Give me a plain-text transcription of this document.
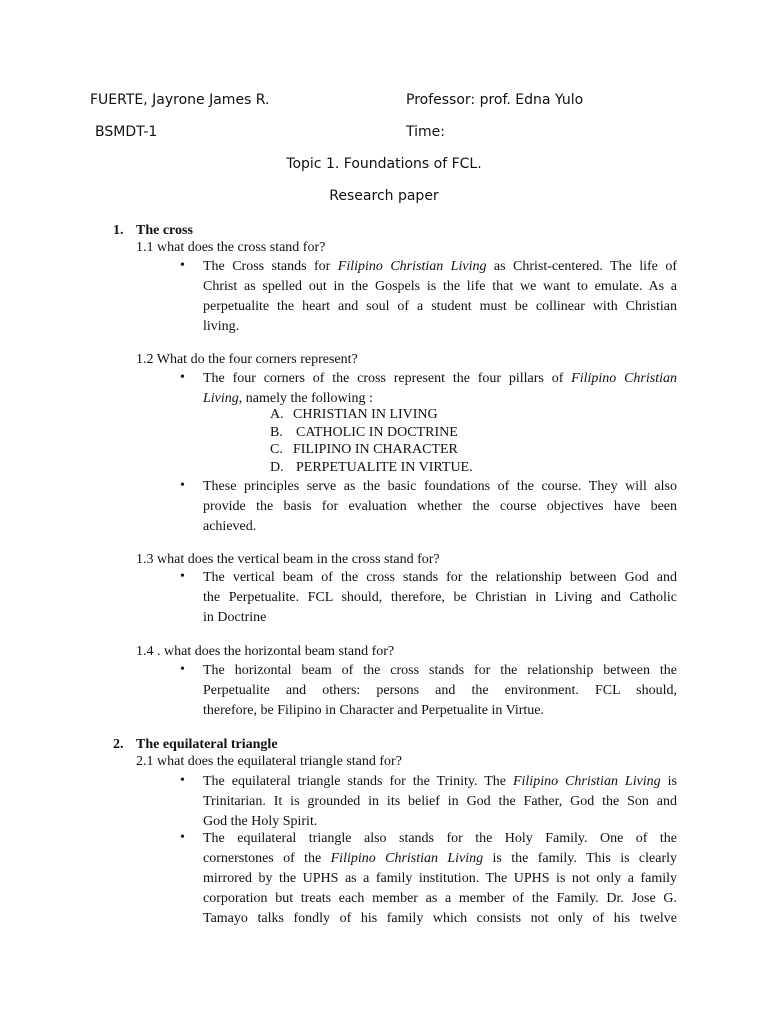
FUERTE, Jayrone James R.	Professor: prof. Edna Yulo
BSMDT-1	Time:
Topic 1. Foundations of FCL.
Research paper
1. The cross
1.1 what does the cross stand for?
• The Cross stands for Filipino Christian Living as Christ-centered. The life of
Christ as spelled out in the Gospels is the life that we want to emulate. As a
perpetualite the heart and soul of a student must be collinear with Christian
living.
1.2 What do the four corners represent?
• The four corners of the cross represent the four pillars of Filipino Christian
Living, namely the following :
A. CHRISTIAN IN LIVING
B. CATHOLIC IN DOCTRINE
C. FILIPINO IN CHARACTER
D. PERPETUALITE IN VIRTUE.
• These principles serve as the basic foundations of the course. They will also
provide the basis for evaluation whether the course objectives have been
achieved.
1.3 what does the vertical beam in the cross stand for?
• The vertical beam of the cross stands for the relationship between God and
the Perpetualite. FCL should, therefore, be Christian in Living and Catholic
in Doctrine
1.4 . what does the horizontal beam stand for?
• The horizontal beam of the cross stands for the relationship between the
Perpetualite and others: persons and the environment. FCL should,
therefore, be Filipino in Character and Perpetualite in Virtue.
2. The equilateral triangle
2.1 what does the equilateral triangle stand for?
• The equilateral triangle stands for the Trinity. The Filipino Christian Living is
Trinitarian. It is grounded in its belief in God the Father, God the Son and
God the Holy Spirit.
• The equilateral triangle also stands for the Holy Family. One of the
cornerstones of the Filipino Christian Living is the family. This is clearly
mirrored by the UPHS as a family institution. The UPHS is not only a family
corporation but treats each member as a member of the Family. Dr. Jose G.
Tamayo talks fondly of his family which consists not only of his twelve
